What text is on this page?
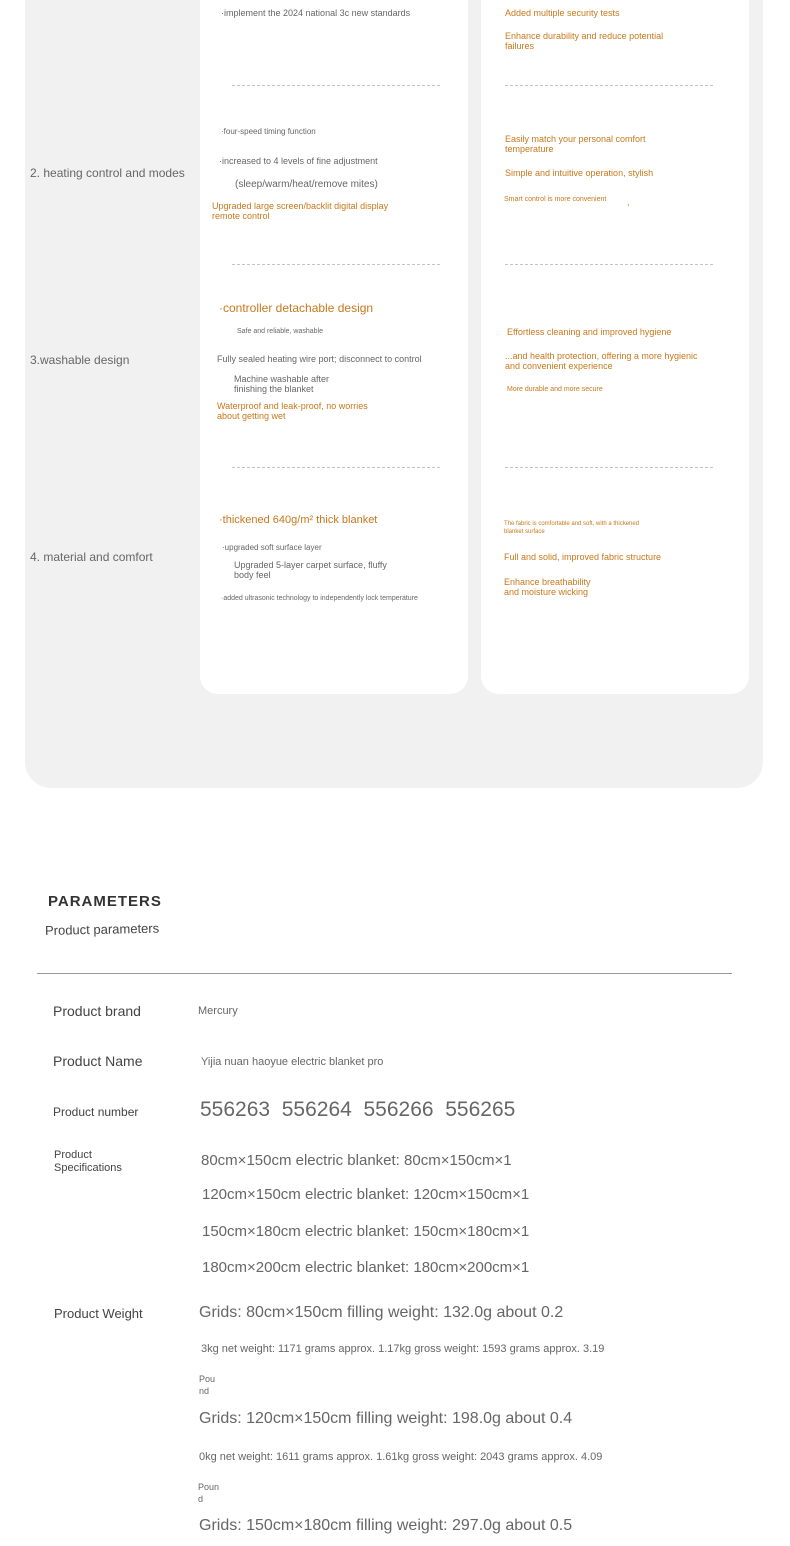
2. heating control and modes
3.washable design
4. material and comfort
·implement the 2024 national 3c new standards
·four-speed timing function
·increased to 4 levels of fine adjustment
(sleep/warm/heat/remove mites)
Upgraded large screen/backlit digital display
remote control
·controller detachable design
Safe and reliable, washable
Fully sealed heating wire port; disconnect to control
Machine washable after
finishing the blanket
Waterproof and leak-proof, no worries
about getting wet
·thickened 640g/m² thick blanket
·upgraded soft surface layer
Upgraded 5-layer carpet surface, fluffy
body feel
·added ultrasonic technology to independently lock temperature
Added multiple security tests
Enhance durability and reduce potential
failures
Easily match your personal comfort
temperature
Simple and intuitive operation, stylish
Smart control is more convenient ,
Effortless cleaning and improved hygiene
...and health protection, offering a more hygienic
and convenient experience
More durable and more secure
The fabric is comfortable and soft, with a thickened
blanket surface
Full and solid, improved fabric structure
Enhance breathability
and moisture wicking
PARAMETERS
Product parameters
Product brand	Mercury
Product Name	Yijia nuan haoyue electric blanket pro
Product number	556263  556264  556266  556265
Product
Specifications	80cm×150cm electric blanket: 80cm×150cm×1
120cm×150cm electric blanket: 120cm×150cm×1
150cm×180cm electric blanket: 150cm×180cm×1
180cm×200cm electric blanket: 180cm×200cm×1
Product Weight	Grids: 80cm×150cm filling weight: 132.0g about 0.2
3kg net weight: 1171 grams approx. 1.17kg gross weight: 1593 grams approx. 3.19
Pou
nd
Grids: 120cm×150cm filling weight: 198.0g about 0.4
0kg net weight: 1611 grams approx. 1.61kg gross weight: 2043 grams approx. 4.09
Poun
d
Grids: 150cm×180cm filling weight: 297.0g about 0.5
